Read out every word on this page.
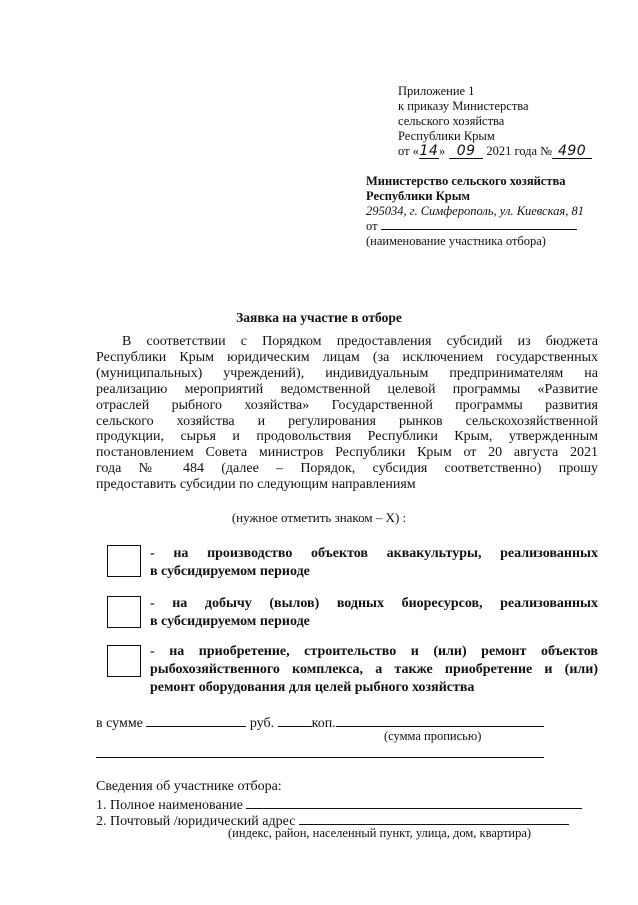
Приложение 1
к приказу Министерства
сельского хозяйства
Республики Крым
от «14» 09 2021 года № 490
Министерство сельского хозяйства
Республики Крым
295034, г. Симферополь, ул. Киевская, 81
от
(наименование участника отбора)
Заявка на участие в отборе
В соответствии с Порядком предоставления субсидий из бюджета
Республики Крым юридическим лицам (за исключением государственных
(муниципальных) учреждений), индивидуальным предпринимателям на
реализацию мероприятий ведомственной целевой программы «Развитие
отраслей рыбного хозяйства» Государственной программы развития
сельского хозяйства и регулирования рынков сельскохозяйственной
продукции, сырья и продовольствия Республики Крым, утвержденным
постановлением Совета министров Республики Крым от 20 августа 2021
года № 484 (далее – Порядок, субсидия соответственно) прошу
предоставить субсидии по следующим направлениям
(нужное отметить знаком – X) :
- на производство объектов аквакультуры, реализованных
в субсидируемом периоде
- на добычу (вылов) водных биоресурсов, реализованных
в субсидируемом периоде
- на приобретение, строительство и (или) ремонт объектов
рыбохозяйственного комплекса, а также приобретение и (или)
ремонт оборудования для целей рыбного хозяйства
в сумме	руб.	коп.
(сумма прописью)
Сведения об участнике отбора:
1. Полное наименование
2. Почтовый /юридический адрес
(индекс, район, населенный пункт, улица, дом, квартира)
